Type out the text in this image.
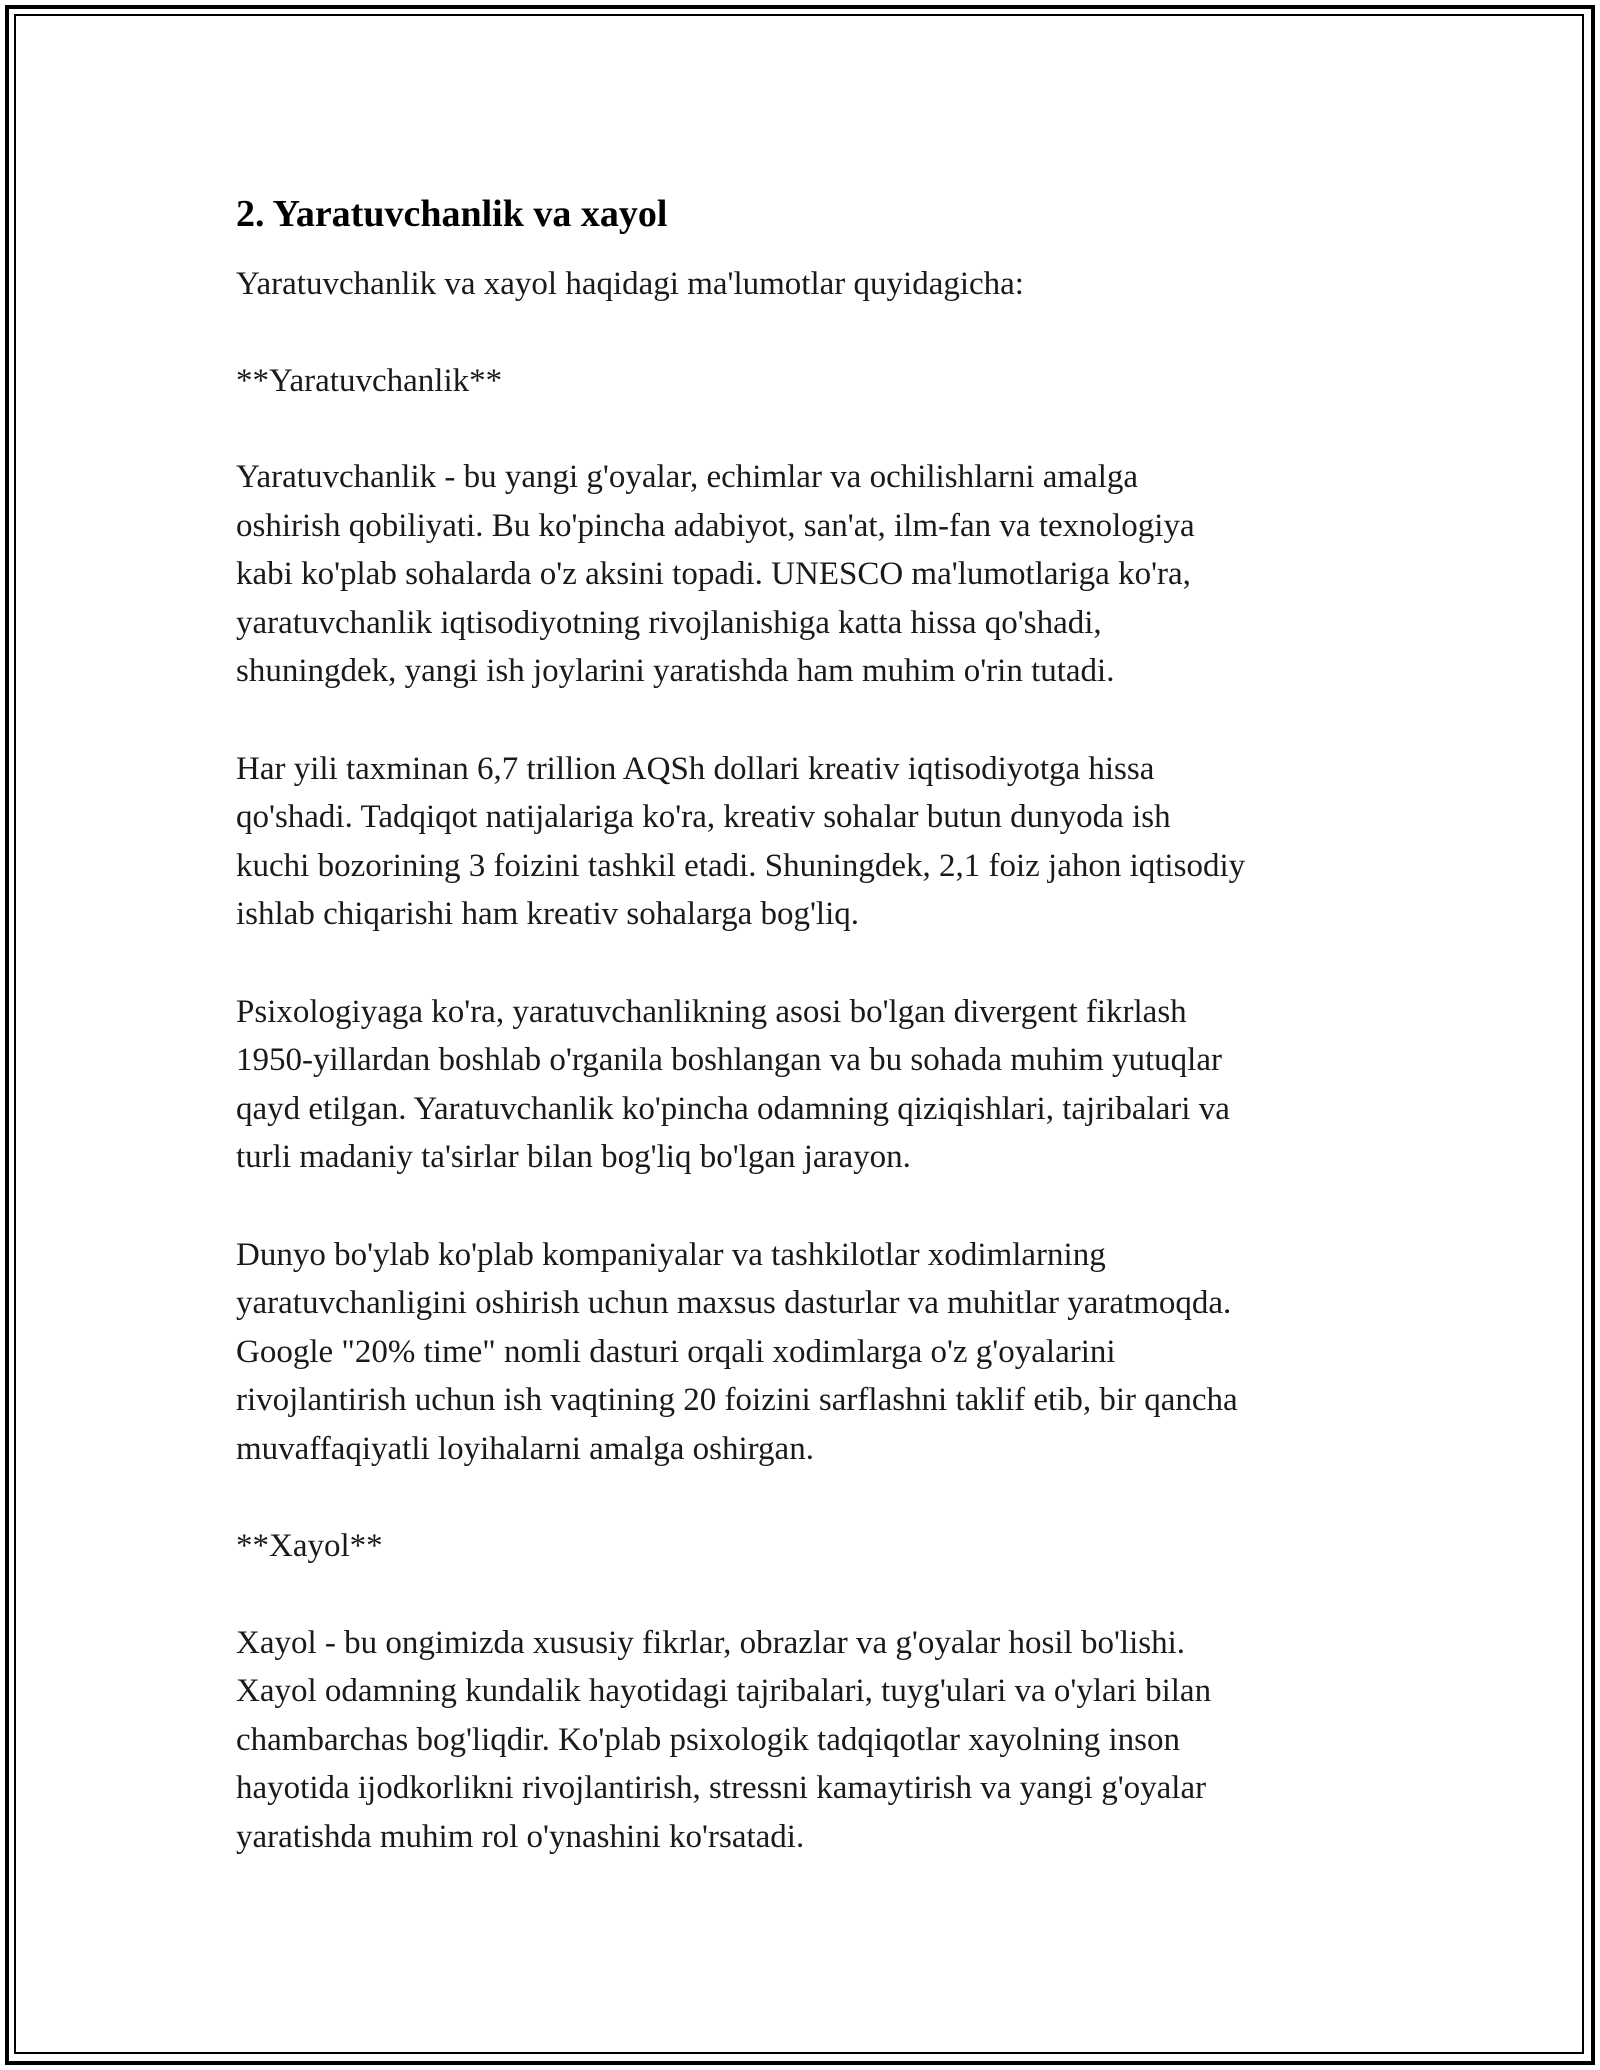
2. Yaratuvchanlik va xayol

Yaratuvchanlik va xayol haqidagi ma'lumotlar quyidagicha:

**Yaratuvchanlik**

Yaratuvchanlik - bu yangi g'oyalar, echimlar va ochilishlarni amalga
oshirish qobiliyati. Bu ko'pincha adabiyot, san'at, ilm-fan va texnologiya
kabi ko'plab sohalarda o'z aksini topadi. UNESCO ma'lumotlariga ko'ra,
yaratuvchanlik iqtisodiyotning rivojlanishiga katta hissa qo'shadi,
shuningdek, yangi ish joylarini yaratishda ham muhim o'rin tutadi.

Har yili taxminan 6,7 trillion AQSh dollari kreativ iqtisodiyotga hissa
qo'shadi. Tadqiqot natijalariga ko'ra, kreativ sohalar butun dunyoda ish
kuchi bozorining 3 foizini tashkil etadi. Shuningdek, 2,1 foiz jahon iqtisodiy
ishlab chiqarishi ham kreativ sohalarga bog'liq.

Psixologiyaga ko'ra, yaratuvchanlikning asosi bo'lgan divergent fikrlash
1950-yillardan boshlab o'rganila boshlangan va bu sohada muhim yutuqlar
qayd etilgan. Yaratuvchanlik ko'pincha odamning qiziqishlari, tajribalari va
turli madaniy ta'sirlar bilan bog'liq bo'lgan jarayon.

Dunyo bo'ylab ko'plab kompaniyalar va tashkilotlar xodimlarning
yaratuvchanligini oshirish uchun maxsus dasturlar va muhitlar yaratmoqda.
Google "20% time" nomli dasturi orqali xodimlarga o'z g'oyalarini
rivojlantirish uchun ish vaqtining 20 foizini sarflashni taklif etib, bir qancha
muvaffaqiyatli loyihalarni amalga oshirgan.

**Xayol**

Xayol - bu ongimizda xususiy fikrlar, obrazlar va g'oyalar hosil bo'lishi.
Xayol odamning kundalik hayotidagi tajribalari, tuyg'ulari va o'ylari bilan
chambarchas bog'liqdir. Ko'plab psixologik tadqiqotlar xayolning inson
hayotida ijodkorlikni rivojlantirish, stressni kamaytirish va yangi g'oyalar
yaratishda muhim rol o'ynashini ko'rsatadi.
